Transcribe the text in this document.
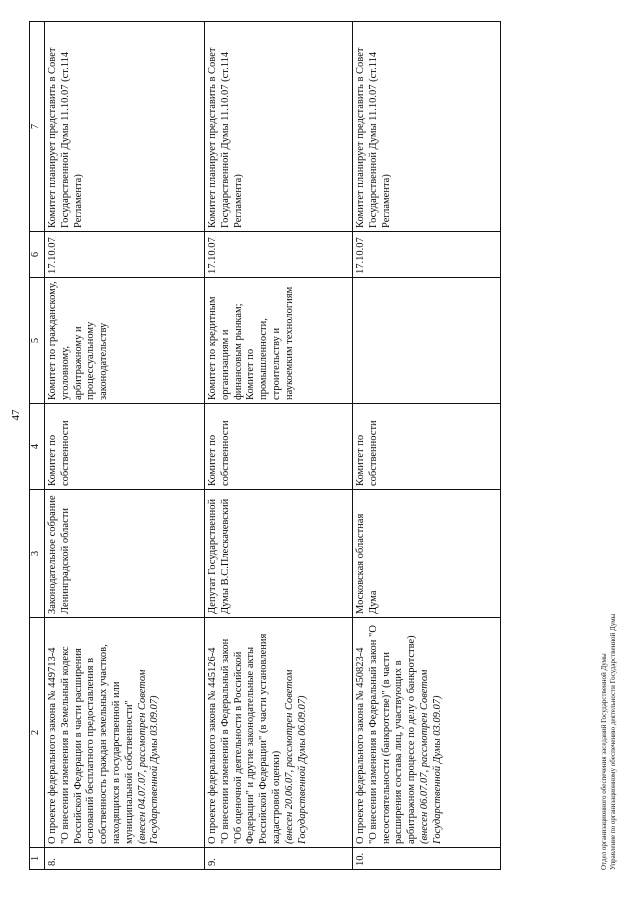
47
1	2	3	4	5	6	7
8.	О проекте федерального закона № 449713-4 "О внесении изменения в Земельный кодекс Российской Федерации в части расширения оснований бесплатного предоставления в собственность граждан земельных участков, находящихся в государственной или муниципальной собственности" (внесен 04.07.07, рассмотрен Советом Государственной Думы 03.09.07)	Законодательное собрание Ленинградской области	Комитет по собственности	Комитет по гражданскому, уголовному, арбитражному и процессуальному законодательству	17.10.07	Комитет планирует представить в Совет Государственной Думы 11.10.07 (ст.114 Регламента)
9.	О проекте федерального закона № 445126-4 "О внесении изменений в Федеральный закон "Об оценочной деятельности в Российской Федерации" и другие законодательные акты Российской Федерации" (в части установления кадастровой оценки) (внесен 20.06.07, рассмотрен Советом Государственной Думы 06.09.07)	Депутат Государственной Думы В.С.Плескачевский	Комитет по собственности	Комитет по кредитным организациям и финансовым рынкам; Комитет по промышленности, строительству и наукоемким технологиям	17.10.07	Комитет планирует представить в Совет Государственной Думы 11.10.07 (ст.114 Регламента)
10.	О проекте федерального закона № 450823-4 "О внесении изменения в Федеральный закон "О несостоятельности (банкротстве)" (в части расширения состава лиц, участвующих в арбитражном процессе по делу о банкротстве) (внесен 06.07.07, рассмотрен Советом Государственной Думы 03.09.07)	Московская областная Дума	Комитет по собственности		17.10.07	Комитет планирует представить в Совет Государственной Думы 11.10.07 (ст.114 Регламента)
Отдел организационного обеспечения заседаний Государственной Думы Управление по организационному обеспечению деятельности Государственной Думы
